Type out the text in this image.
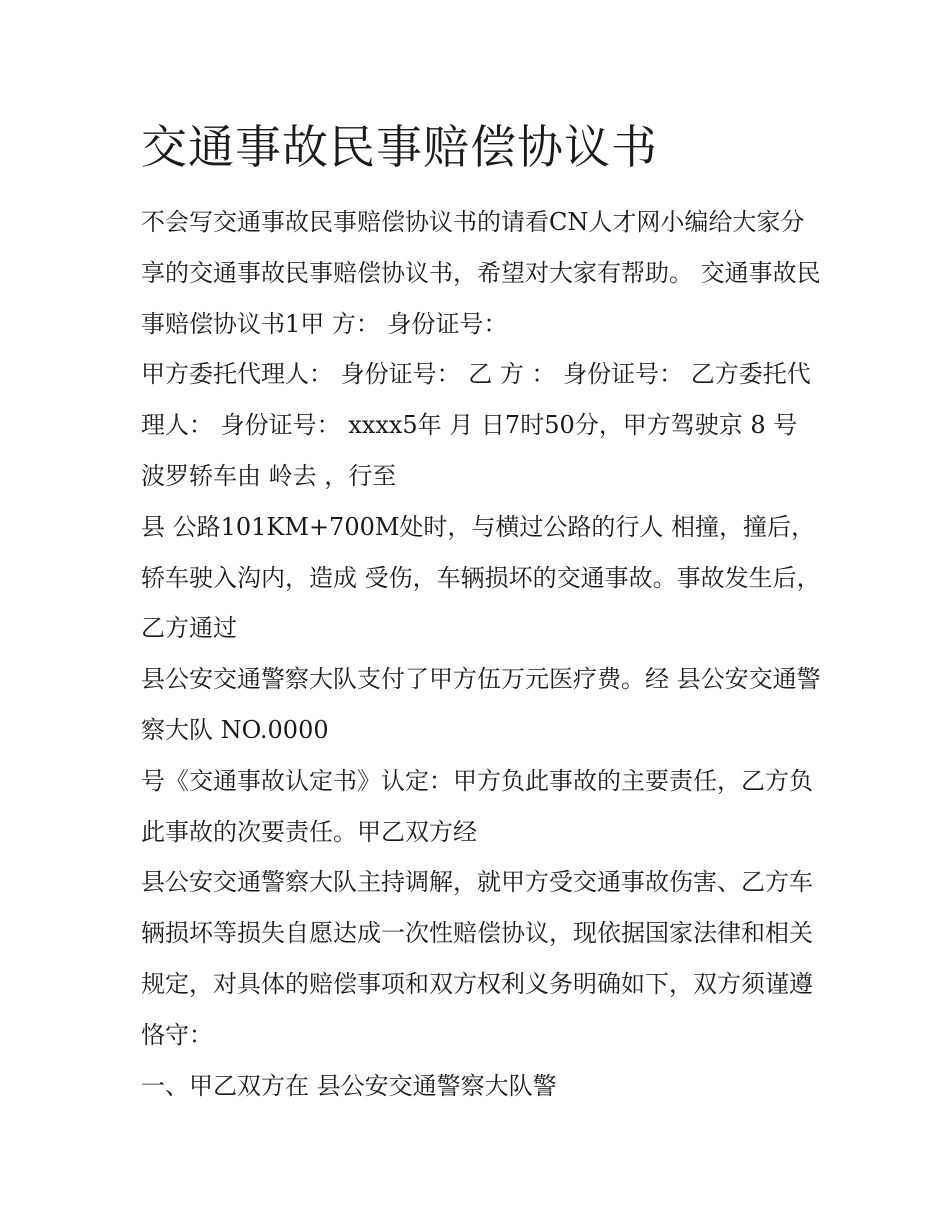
交通事故民事赔偿协议书

不会写交通事故民事赔偿协议书的请看CN人才网小编给大家分享的交通事故民事赔偿协议书，希望对大家有帮助。 交通事故民事赔偿协议书1甲 方： 身份证号：

甲方委托代理人： 身份证号： 乙 方 ： 身份证号： 乙方委托代理人： 身份证号： xxxx5年 月 日7时50分，甲方驾驶京 8 号波罗轿车由 岭去 ，行至

县 公路101KM+700M处时，与横过公路的行人 相撞，撞后，轿车驶入沟内，造成 受伤，车辆损坏的交通事故。事故发生后，乙方通过

县公安交通警察大队支付了甲方伍万元医疗费。经 县公安交通警察大队 NO.0000

号《交通事故认定书》认定：甲方负此事故的主要责任，乙方负此事故的次要责任。甲乙双方经

县公安交通警察大队主持调解，就甲方受交通事故伤害、乙方车辆损坏等损失自愿达成一次性赔偿协议，现依据国家法律和相关规定，对具体的赔偿事项和双方权利义务明确如下，双方须谨遵恪守：

一、甲乙双方在 县公安交通警察大队警
